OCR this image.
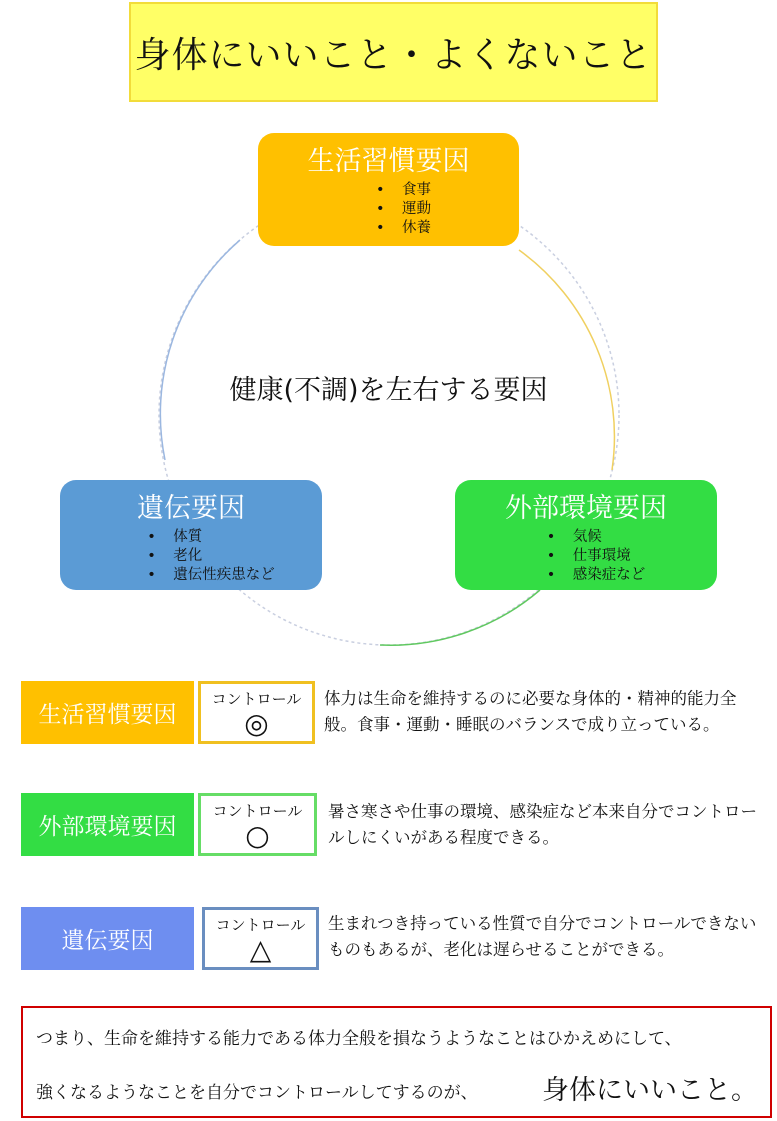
身体にいいこと・よくないこと
生活習慣要因
• 食事
• 運動
• 休養
健康(不調)を左右する要因
遺伝要因
• 体質
• 老化
• 遺伝性疾患など
外部環境要因
• 気候
• 仕事環境
• 感染症など
生活習慣要因
コントロール
◎
体力は生命を維持するのに必要な身体的・精神的能力全般。食事・運動・睡眠のバランスで成り立っている。
外部環境要因
コントロール
○
暑さ寒さや仕事の環境、感染症など本来自分でコントロールしにくいがある程度できる。
遺伝要因
コントロール
△
生まれつき持っている性質で自分でコントロールできないものもあるが、老化は遅らせることができる。
つまり、生命を維持する能力である体力全般を損なうようなことはひかえめにして、
強くなるようなことを自分でコントロールしてするのが、 身体にいいこと。
